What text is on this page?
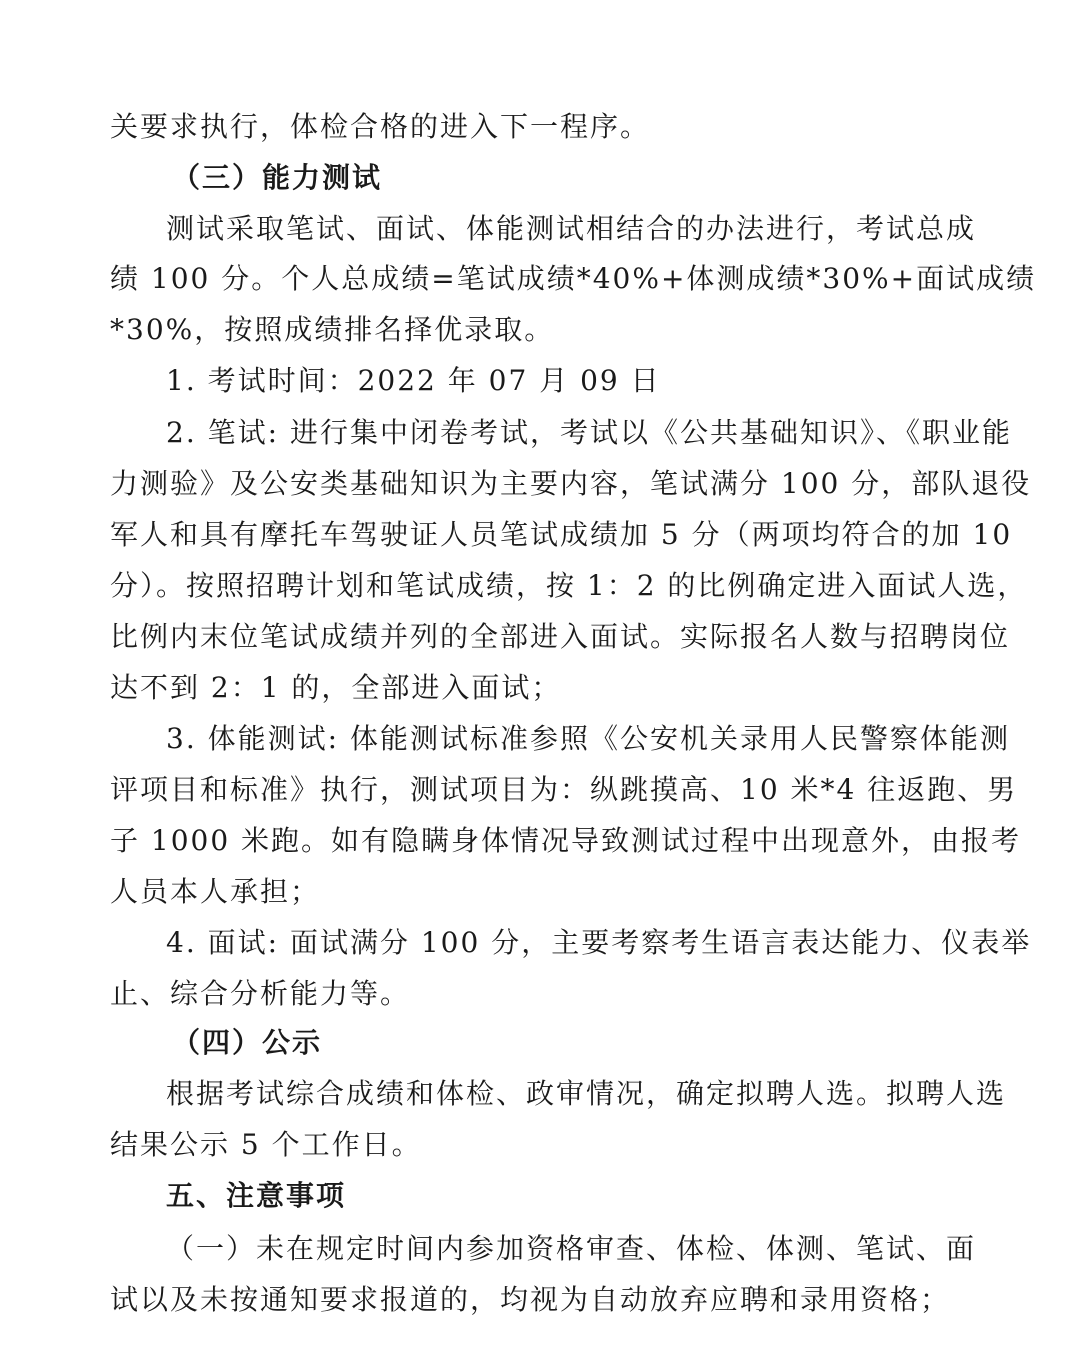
关要求执行，体检合格的进入下一程序。
（三）能力测试
测试采取笔试、面试、体能测试相结合的办法进行，考试总成
绩 100 分。个人总成绩=笔试成绩*40%+体测成绩*30%+面试成绩
*30%，按照成绩排名择优录取。
1. 考试时间：2022 年 07 月 09 日
2. 笔试: 进行集中闭卷考试，考试以《公共基础知识》、《职业能
力测验》及公安类基础知识为主要内容，笔试满分 100 分，部队退役
军人和具有摩托车驾驶证人员笔试成绩加 5 分（两项均符合的加 10
分）。按照招聘计划和笔试成绩，按 1：2 的比例确定进入面试人选，
比例内末位笔试成绩并列的全部进入面试。实际报名人数与招聘岗位
达不到 2：1 的，全部进入面试；
3. 体能测试: 体能测试标准参照《公安机关录用人民警察体能测
评项目和标准》执行，测试项目为：纵跳摸高、10 米*4 往返跑、男
子 1000 米跑。如有隐瞒身体情况导致测试过程中出现意外，由报考
人员本人承担；
4. 面试: 面试满分 100 分，主要考察考生语言表达能力、仪表举
止、综合分析能力等。
（四）公示
根据考试综合成绩和体检、政审情况，确定拟聘人选。拟聘人选
结果公示 5 个工作日。
五、注意事项
（一）未在规定时间内参加资格审查、体检、体测、笔试、面
试以及未按通知要求报道的，均视为自动放弃应聘和录用资格；
